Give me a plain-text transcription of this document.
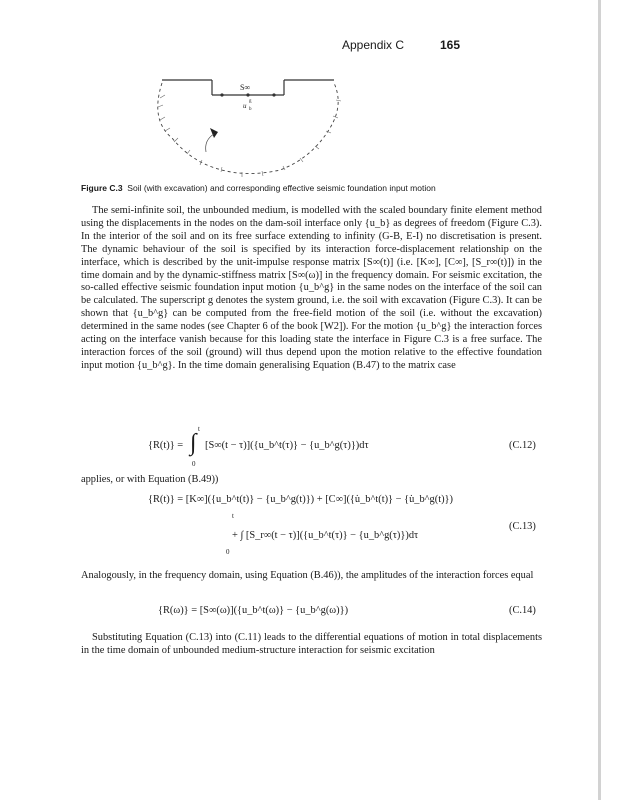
Appendix C	165
S∞
u
g
b
Figure C.3 Soil (with excavation) and corresponding effective seismic foundation input motion

The semi-infinite soil, the unbounded medium, is modelled with the scaled boundary finite element method using the displacements in the nodes on the dam-soil interface only {u_b} as degrees of freedom (Figure C.3). In the interior of the soil and on its free surface extending to infinity (G-B, E-I) no discretisation is present. The dynamic behaviour of the soil is specified by its interaction force-displacement relationship on the interface, which is described by the unit-impulse response matrix [S∞(t)] (i.e. [K∞], [C∞], [S_r∞(t)]) in the time domain and by the dynamic-stiffness matrix [S∞(ω)] in the frequency domain. For seismic excitation, the so-called effective seismic foundation input motion {u_b^g} in the same nodes on the interface of the soil can be calculated. The superscript g denotes the system ground, i.e. the soil with excavation (Figure C.3). It can be shown that {u_b^g} can be computed from the free-field motion of the soil (i.e. without the excavation) determined in the same nodes (see Chapter 6 of the book [W2]). For the motion {u_b^g} the interaction forces acting on the interface vanish because for this loading state the interface in Figure C.3 is a free surface. The interaction forces of the soil (ground) will thus depend upon the motion relative to the effective foundation input motion {u_b^g}. In the time domain generalising Equation (B.47) to the matrix case

{R(t)} =
t
∫
0
[S∞(t − τ)]({u_b^t(τ)} − {u_b^g(τ)})dτ	(C.12)

applies, or with Equation (B.49))

{R(t)} = [K∞]({u_b^t(t)} − {u_b^g(t)}) + [C∞]({u̇_b^t(t)} − {u̇_b^g(t)})
t
0
+ ∫ [S_r∞(t − τ)]({u_b^t(τ)} − {u_b^g(τ)})dτ
(C.13)

Analogously, in the frequency domain, using Equation (B.46)), the amplitudes of the interaction forces equal

{R(ω)} = [S∞(ω)]({u_b^t(ω)} − {u_b^g(ω)})	(C.14)

Substituting Equation (C.13) into (C.11) leads to the differential equations of motion in total displacements in the time domain of unbounded medium-structure interaction for seismic excitation
